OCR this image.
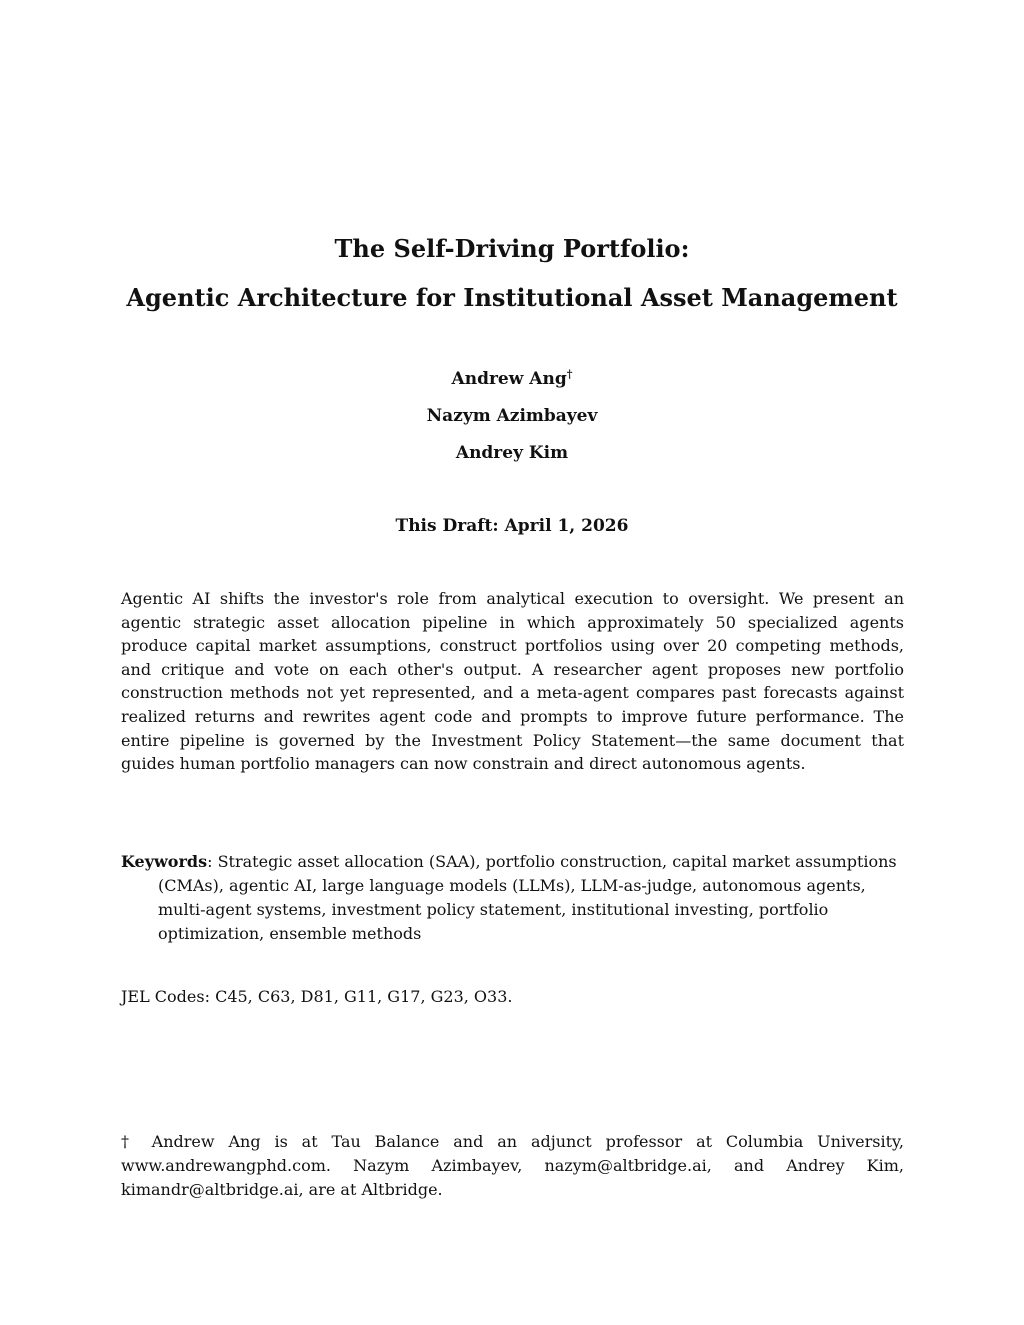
The Self-Driving Portfolio:
Agentic Architecture for Institutional Asset Management

Andrew Ang†

Nazym Azimbayev

Andrey Kim

This Draft: April 1, 2026

Agentic AI shifts the investor's role from analytical execution to oversight. We present an agentic strategic asset allocation pipeline in which approximately 50 specialized agents produce capital market assumptions, construct portfolios using over 20 competing methods, and critique and vote on each other's output. A researcher agent proposes new portfolio construction methods not yet represented, and a meta-agent compares past forecasts against realized returns and rewrites agent code and prompts to improve future performance. The entire pipeline is governed by the Investment Policy Statement—the same document that guides human portfolio managers can now constrain and direct autonomous agents.

Keywords: Strategic asset allocation (SAA), portfolio construction, capital market assumptions (CMAs), agentic AI, large language models (LLMs), LLM-as-judge, autonomous agents, multi-agent systems, investment policy statement, institutional investing, portfolio optimization, ensemble methods

JEL Codes: C45, C63, D81, G11, G17, G23, O33.

† Andrew Ang is at Tau Balance and an adjunct professor at Columbia University, www.andrewangphd.com. Nazym Azimbayev, nazym@altbridge.ai, and Andrey Kim, kimandr@altbridge.ai, are at Altbridge.
